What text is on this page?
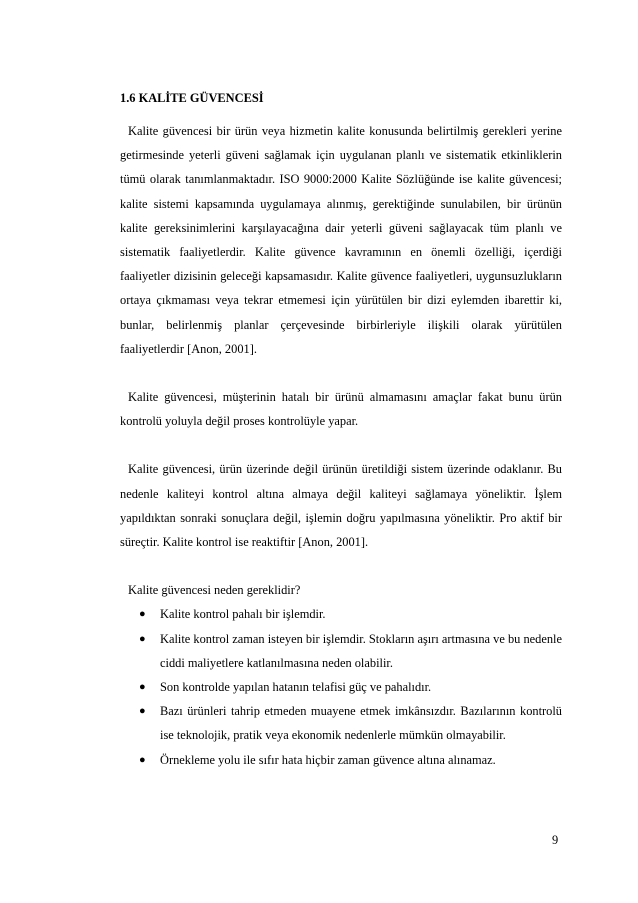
1.6 KALİTE GÜVENCESİ

Kalite güvencesi bir ürün veya hizmetin kalite konusunda belirtilmiş gerekleri yerine getirmesinde yeterli güveni sağlamak için uygulanan planlı ve sistematik etkinliklerin tümü olarak tanımlanmaktadır. ISO 9000:2000 Kalite Sözlüğünde ise kalite güvencesi; kalite sistemi kapsamında uygulamaya alınmış, gerektiğinde sunulabilen, bir ürünün kalite gereksinimlerini karşılayacağına dair yeterli güveni sağlayacak tüm planlı ve sistematik faaliyetlerdir. Kalite güvence kavramının en önemli özelliği, içerdiği faaliyetler dizisinin geleceği kapsamasıdır. Kalite güvence faaliyetleri, uygunsuzlukların ortaya çıkmaması veya tekrar etmemesi için yürütülen bir dizi eylemden ibarettir ki, bunlar, belirlenmiş planlar çerçevesinde birbirleriyle ilişkili olarak yürütülen faaliyetlerdir [Anon, 2001].

Kalite güvencesi, müşterinin hatalı bir ürünü almamasını amaçlar fakat bunu ürün kontrolü yoluyla değil proses kontrolüyle yapar.

Kalite güvencesi, ürün üzerinde değil ürünün üretildiği sistem üzerinde odaklanır. Bu nedenle kaliteyi kontrol altına almaya değil kaliteyi sağlamaya yöneliktir. İşlem yapıldıktan sonraki sonuçlara değil, işlemin doğru yapılmasına yöneliktir. Pro aktif bir süreçtir. Kalite kontrol ise reaktiftir [Anon, 2001].

Kalite güvencesi neden gereklidir?

● Kalite kontrol pahalı bir işlemdir.
● Kalite kontrol zaman isteyen bir işlemdir. Stokların aşırı artmasına ve bu nedenle ciddi maliyetlere katlanılmasına neden olabilir.
● Son kontrolde yapılan hatanın telafisi güç ve pahalıdır.
● Bazı ürünleri tahrip etmeden muayene etmek imkânsızdır. Bazılarının kontrolü ise teknolojik, pratik veya ekonomik nedenlerle mümkün olmayabilir.
● Örnekleme yolu ile sıfır hata hiçbir zaman güvence altına alınamaz.
9
